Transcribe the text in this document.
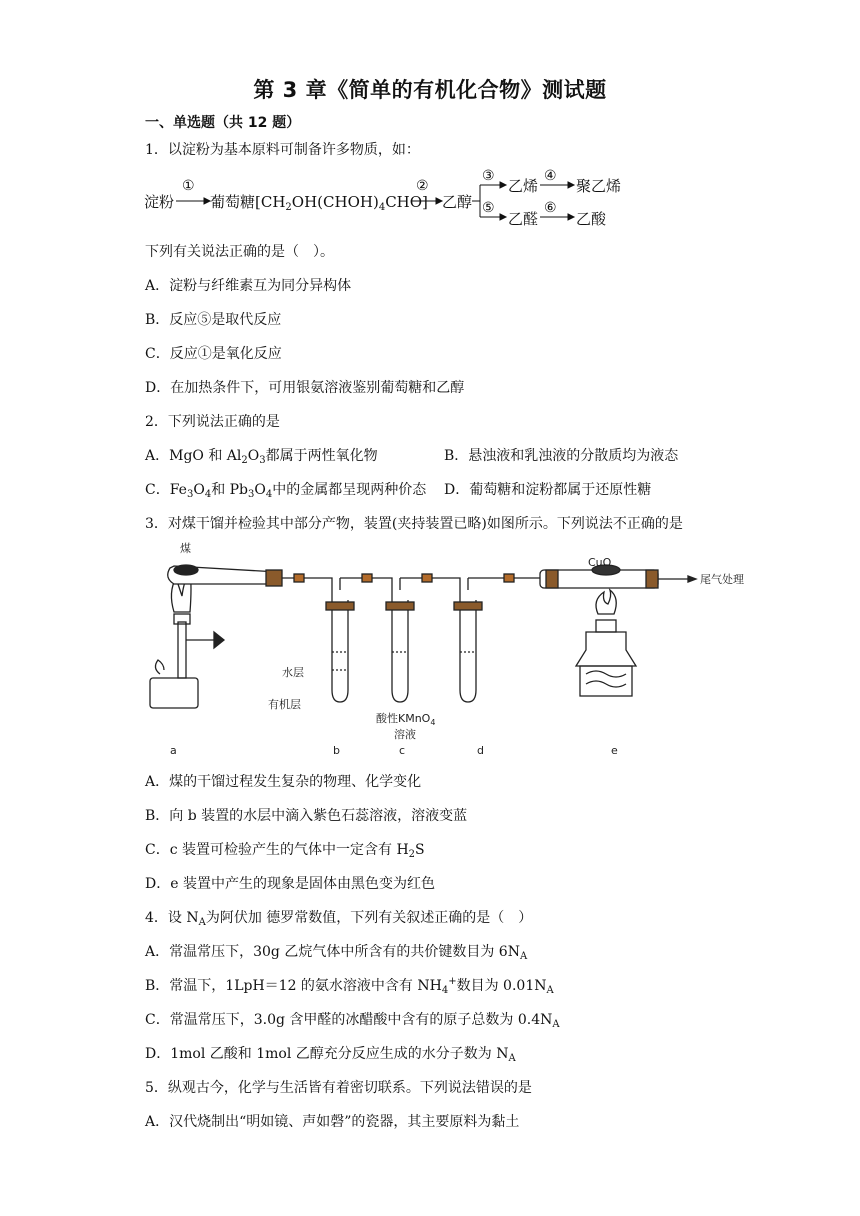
第 3 章《简单的有机化合物》测试题
一、单选题（共 12 题）
1．以淀粉为基本原料可制备许多物质，如：
淀粉
①
葡萄糖$[CH_2OH(CHOH)_4CHO]$
②
乙醇
③
乙烯
④
聚乙烯
⑤
乙醛
⑥
乙酸
下列有关说法正确的是（　）。
A．淀粉与纤维素互为同分异构体
B．反应⑤是取代反应
C．反应①是氧化反应
D．在加热条件下，可用银氨溶液鉴别葡萄糖和乙醇
2．下列说法正确的是
A．MgO 和 $Al_2O_3$都属于两性氧化物	B．悬浊液和乳浊液的分散质均为液态
C．$Fe_3O_4$和 $Pb_3O_4$中的金属都呈现两种价态 D．葡萄糖和淀粉都属于还原性糖
3．对煤干馏并检验其中部分产物，装置(夹持装置已略)如图所示。下列说法不正确的是
煤
CuO
尾气处理
水层
有机层
酸性KMnO$_4$
溶液
a	b	c	d	e
A．煤的干馏过程发生复杂的物理、化学变化
B．向 b 装置的水层中滴入紫色石蕊溶液，溶液变蓝
C．c 装置可检验产生的气体中一定含有 $H_2S$
D．e 装置中产生的现象是固体由黑色变为红色
4．设 $N_A$为阿伏加 德罗常数值，下列有关叙述正确的是（　）
A．常温常压下，30g 乙烷气体中所含有的共价键数目为 $6N_A$
B．常温下，1LpH＝12 的氨水溶液中含有 $NH_4^+$数目为 $0.01N_A$
C．常温常压下，3.0g 含甲醛的冰醋酸中含有的原子总数为 $0.4N_A$
D．1mol 乙酸和 1mol 乙醇充分反应生成的水分子数为 $N_A$
5．纵观古今，化学与生活皆有着密切联系。下列说法错误的是
A．汉代烧制出“明如镜、声如磬”的瓷器，其主要原料为黏土
